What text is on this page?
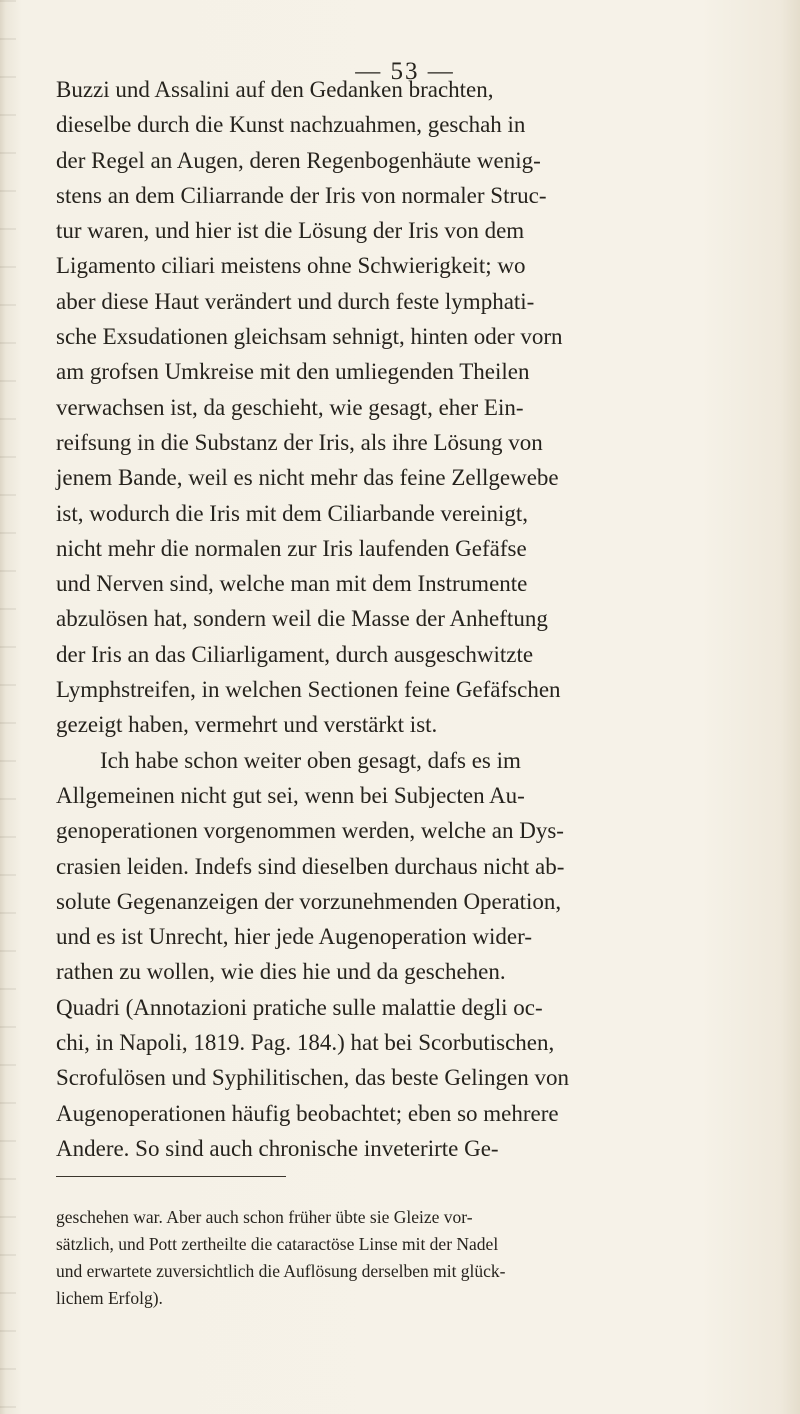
— 53 —
Buzzi und Assalini auf den Gedanken brachten,
dieselbe durch die Kunst nachzuahmen, geschah in
der Regel an Augen, deren Regenbogenhäute wenig-
stens an dem Ciliarrande der Iris von normaler Struc-
tur waren, und hier ist die Lösung der Iris von dem
Ligamento ciliari meistens ohne Schwierigkeit; wo
aber diese Haut verändert und durch feste lymphati-
sche Exsudationen gleichsam sehnigt, hinten oder vorn
am grofsen Umkreise mit den umliegenden Theilen
verwachsen ist, da geschieht, wie gesagt, eher Ein-
reifsung in die Substanz der Iris, als ihre Lösung von
jenem Bande, weil es nicht mehr das feine Zellgewebe
ist, wodurch die Iris mit dem Ciliarbande vereinigt,
nicht mehr die normalen zur Iris laufenden Gefäfse
und Nerven sind, welche man mit dem Instrumente
abzulösen hat, sondern weil die Masse der Anheftung
der Iris an das Ciliarligament, durch ausgeschwitzte
Lymphstreifen, in welchen Sectionen feine Gefäfschen
gezeigt haben, vermehrt und verstärkt ist.
Ich habe schon weiter oben gesagt, dafs es im
Allgemeinen nicht gut sei, wenn bei Subjecten Au-
genoperationen vorgenommen werden, welche an Dys-
crasien leiden. Indefs sind dieselben durchaus nicht ab-
solute Gegenanzeigen der vorzunehmenden Operation,
und es ist Unrecht, hier jede Augenoperation wider-
rathen zu wollen, wie dies hie und da geschehen.
Quadri (Annotazioni pratiche sulle malattie degli oc-
chi, in Napoli, 1819. Pag. 184.) hat bei Scorbutischen,
Scrofulösen und Syphilitischen, das beste Gelingen von
Augenoperationen häufig beobachtet; eben so mehrere
Andere. So sind auch chronische inveterirte Ge-
geschehen war. Aber auch schon früher übte sie Gleize vor-
sätzlich, und Pott zertheilte die cataractöse Linse mit der Nadel
und erwartete zuversichtlich die Auflösung derselben mit glück-
lichem Erfolg).
